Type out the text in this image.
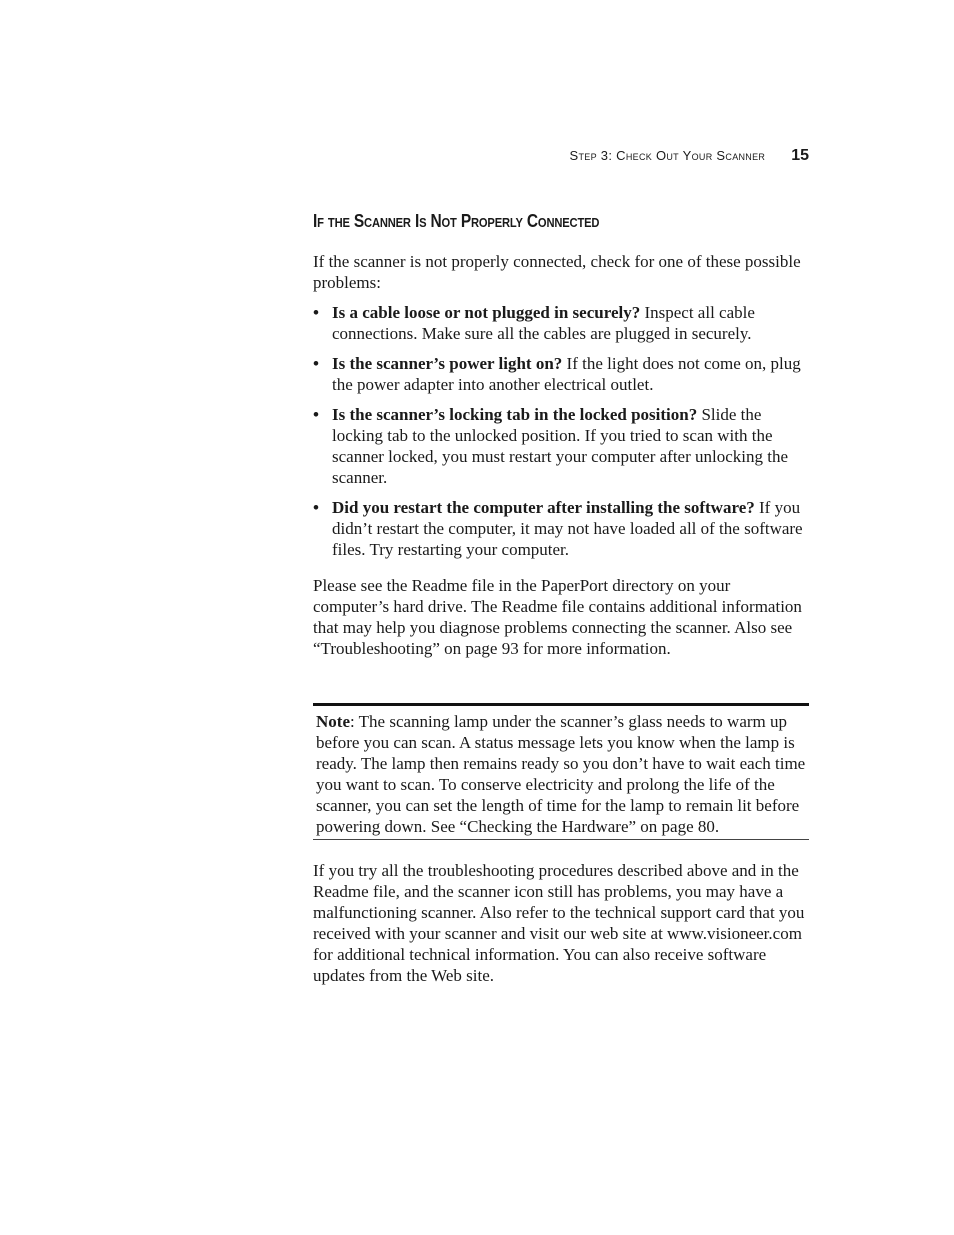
Step 3: Check Out Your Scanner 15
If the Scanner Is Not Properly Connected

If the scanner is not properly connected, check for one of these possible problems:

• Is a cable loose or not plugged in securely? Inspect all cable connections. Make sure all the cables are plugged in securely.
• Is the scanner’s power light on? If the light does not come on, plug the power adapter into another electrical outlet.
• Is the scanner’s locking tab in the locked position? Slide the locking tab to the unlocked position. If you tried to scan with the scanner locked, you must restart your computer after unlocking the scanner.
• Did you restart the computer after installing the software? If you didn’t restart the computer, it may not have loaded all of the software files. Try restarting your computer.

Please see the Readme file in the PaperPort directory on your computer’s hard drive. The Readme file contains additional information that may help you diagnose problems connecting the scanner. Also see “Troubleshooting” on page 93 for more information.

Note: The scanning lamp under the scanner’s glass needs to warm up before you can scan. A status message lets you know when the lamp is ready. The lamp then remains ready so you don’t have to wait each time you want to scan. To conserve electricity and prolong the life of the scanner, you can set the length of time for the lamp to remain lit before powering down. See “Checking the Hardware” on page 80.

If you try all the troubleshooting procedures described above and in the Readme file, and the scanner icon still has problems, you may have a malfunctioning scanner. Also refer to the technical support card that you received with your scanner and visit our web site at www.visioneer.com for additional technical information. You can also receive software updates from the Web site.
